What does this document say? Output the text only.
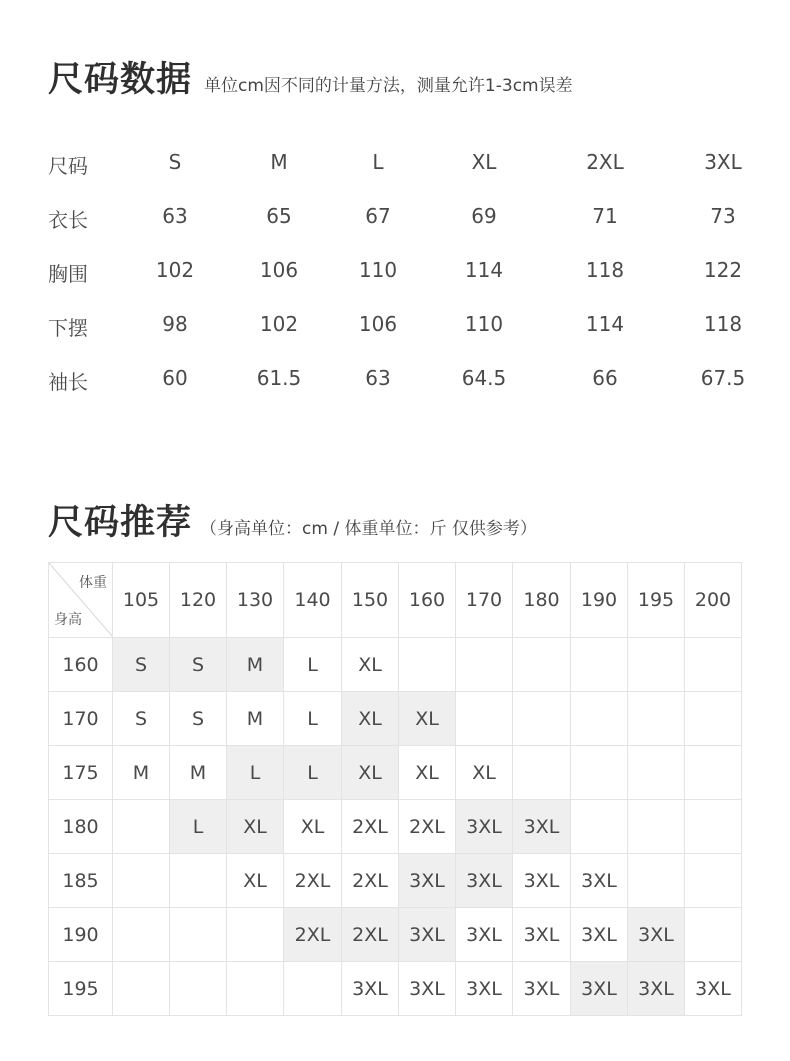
尺码数据 单位cm因不同的计量方法，测量允许1-3cm误差
尺码	S	M	L	XL	2XL	3XL
衣长	63	65	67	69	71	73
胸围	102	106	110	114	118	122
下摆	98	102	106	110	114	118
袖长	60	61.5	63	64.5	66	67.5
尺码推荐 （身高单位：cm / 体重单位：斤 仅供参考）
体重
身高	105	120	130	140	150	160	170	180	190	195	200
160	S	S	M	L	XL						
170	S	S	M	L	XL	XL					
175	M	M	L	L	XL	XL	XL				
180		L	XL	XL	2XL	2XL	3XL	3XL			
185			XL	2XL	2XL	3XL	3XL	3XL	3XL		
190				2XL	2XL	3XL	3XL	3XL	3XL	3XL	
195					3XL	3XL	3XL	3XL	3XL	3XL	3XL
